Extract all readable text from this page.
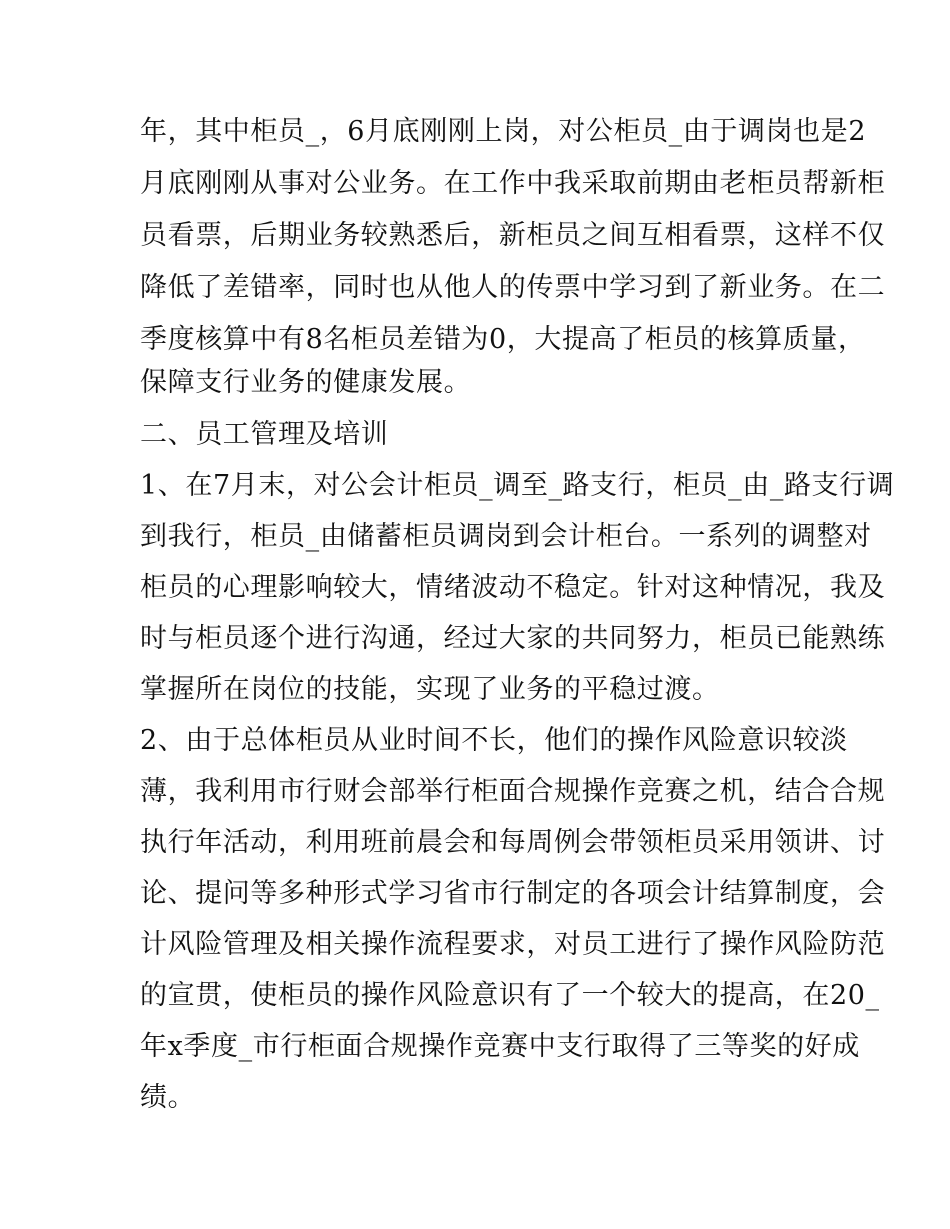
年，其中柜员_，6月底刚刚上岗，对公柜员_由于调岗也是2
月底刚刚从事对公业务。在工作中我采取前期由老柜员帮新柜
员看票，后期业务较熟悉后，新柜员之间互相看票，这样不仅
降低了差错率，同时也从他人的传票中学习到了新业务。在二
季度核算中有8名柜员差错为0，大提高了柜员的核算质量，
保障支行业务的健康发展。
二、员工管理及培训
1、在7月末，对公会计柜员_调至_路支行，柜员_由_路支行调
到我行，柜员_由储蓄柜员调岗到会计柜台。一系列的调整对
柜员的心理影响较大，情绪波动不稳定。针对这种情况，我及
时与柜员逐个进行沟通，经过大家的共同努力，柜员已能熟练
掌握所在岗位的技能，实现了业务的平稳过渡。
2、由于总体柜员从业时间不长，他们的操作风险意识较淡
薄，我利用市行财会部举行柜面合规操作竞赛之机，结合合规
执行年活动，利用班前晨会和每周例会带领柜员采用领讲、讨
论、提问等多种形式学习省市行制定的各项会计结算制度，会
计风险管理及相关操作流程要求，对员工进行了操作风险防范
的宣贯，使柜员的操作风险意识有了一个较大的提高，在20_
年x季度_市行柜面合规操作竞赛中支行取得了三等奖的好成
绩。
